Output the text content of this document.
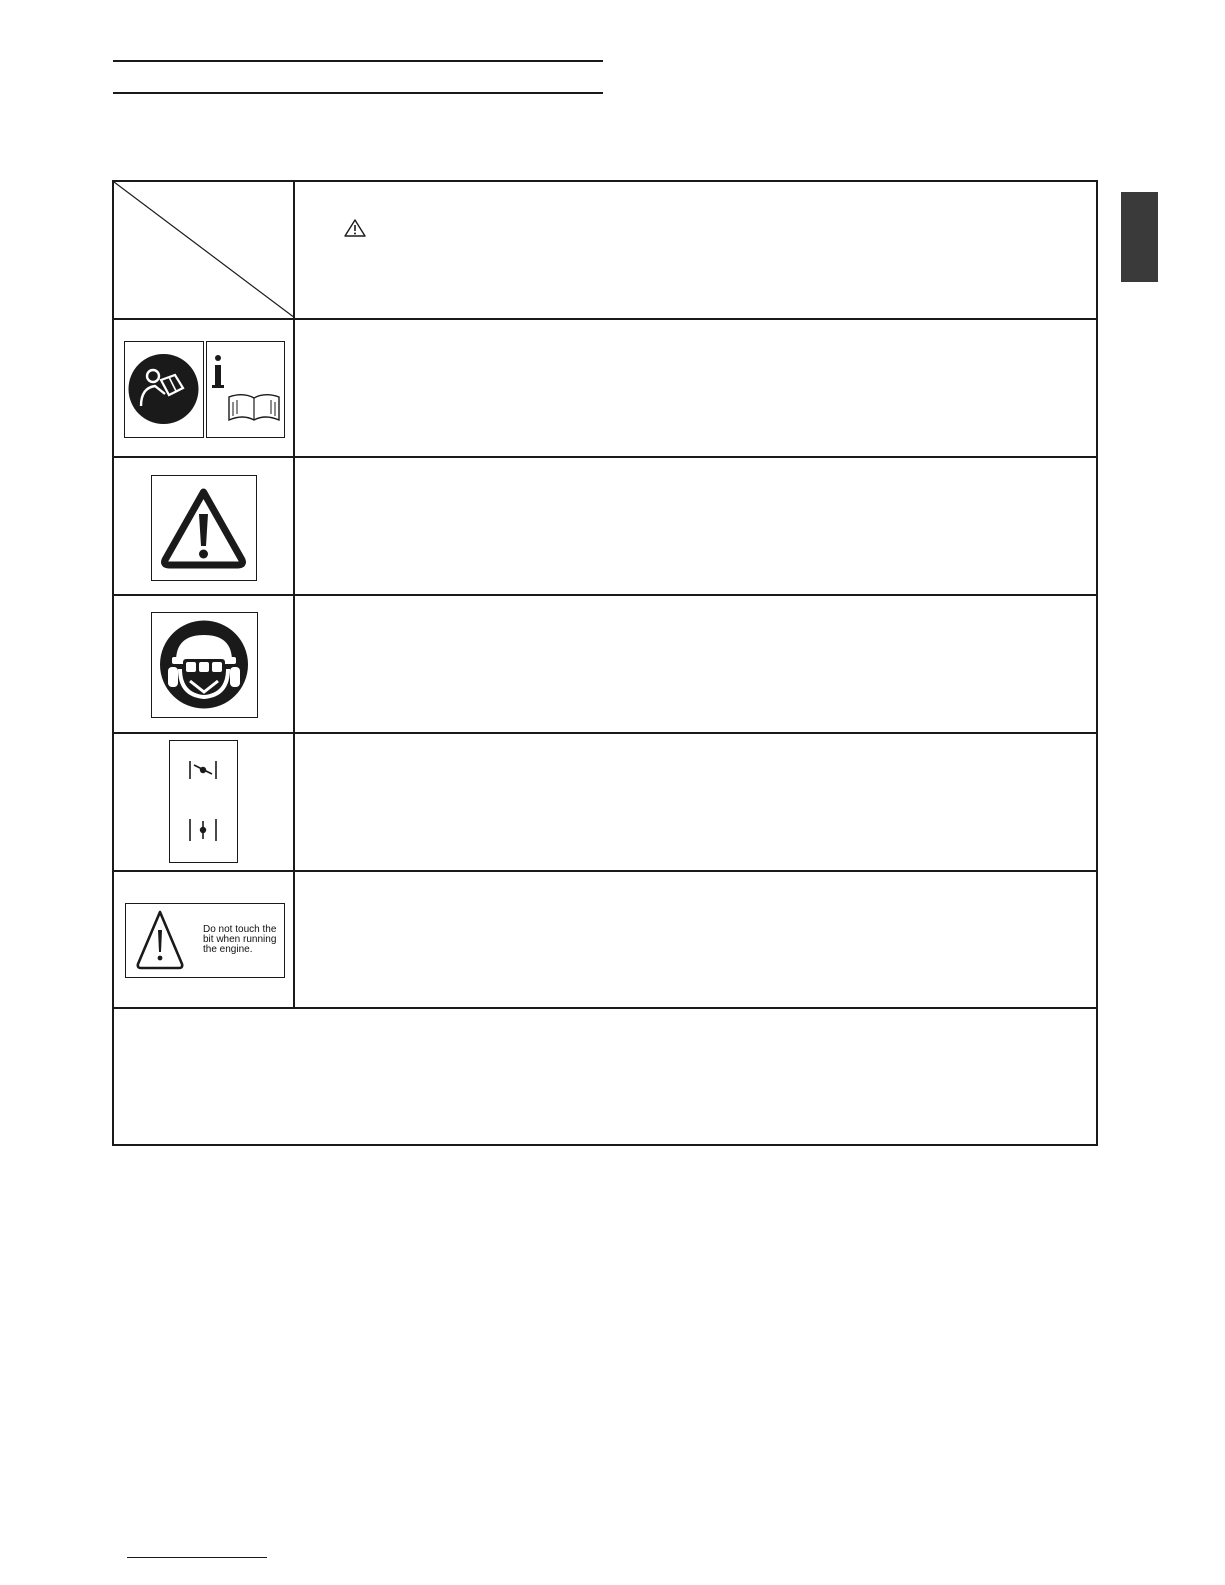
Do not touch the
bit when running
the engine.
